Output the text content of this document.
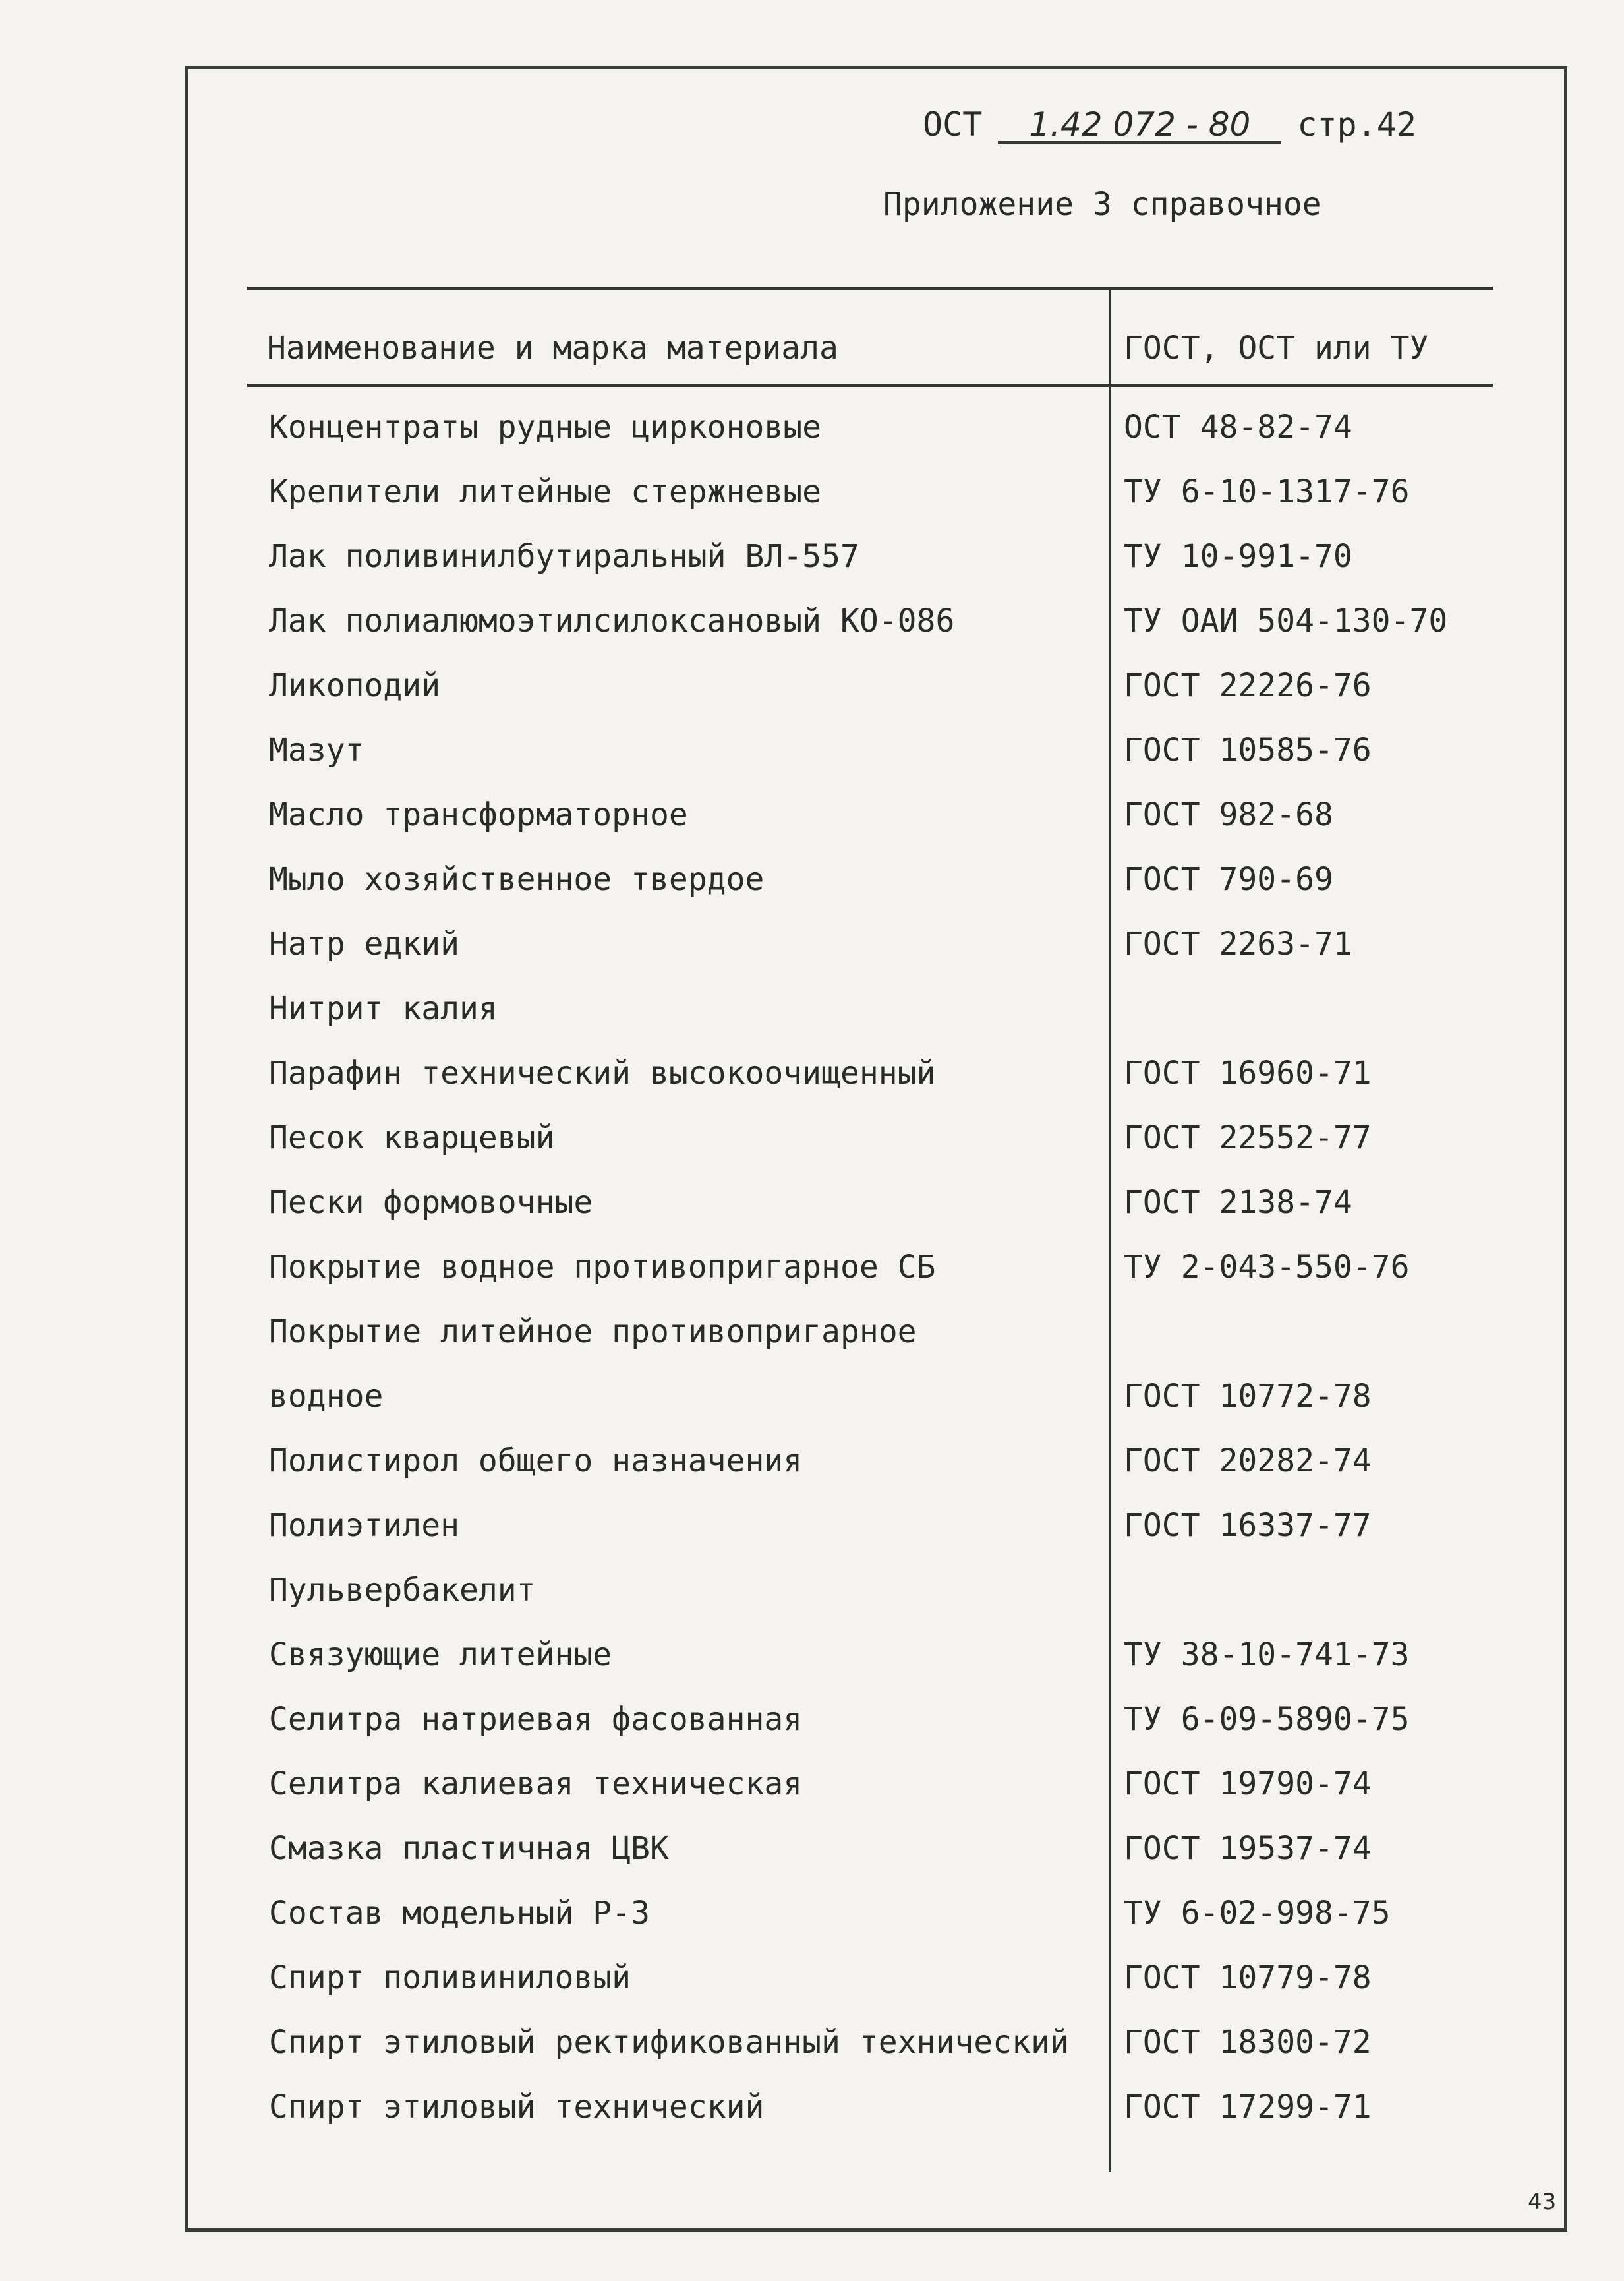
ОСТ 1.42 072 - 80 стр.42
Приложение 3 справочное
Наименование и марка материала	ГОСТ, ОСТ или ТУ
Концентраты рудные цирконовые	ОСТ 48-82-74
Крепители литейные стержневые	ТУ 6-10-1317-76
Лак поливинилбутиральный ВЛ-557	ТУ 10-991-70
Лак полиалюмоэтилсилоксановый КО-086	ТУ ОАИ 504-130-70
Ликоподий	ГОСТ 22226-76
Мазут	ГОСТ 10585-76
Масло трансформаторное	ГОСТ 982-68
Мыло хозяйственное твердое	ГОСТ 790-69
Натр едкий	ГОСТ 2263-71
Нитрит калия
Парафин технический высокоочищенный	ГОСТ 16960-71
Песок кварцевый	ГОСТ 22552-77
Пески формовочные	ГОСТ 2138-74
Покрытие водное противопригарное СБ	ТУ 2-043-550-76
Покрытие литейное противопригарное
водное	ГОСТ 10772-78
Полистирол общего назначения	ГОСТ 20282-74
Полиэтилен	ГОСТ 16337-77
Пульвербакелит
Связующие литейные	ТУ 38-10-741-73
Селитра натриевая фасованная	ТУ 6-09-5890-75
Селитра калиевая техническая	ГОСТ 19790-74
Смазка пластичная ЦВК	ГОСТ 19537-74
Состав модельный Р-3	ТУ 6-02-998-75
Спирт поливиниловый	ГОСТ 10779-78
Спирт этиловый ректификованный технический ГОСТ 18300-72
Спирт этиловый технический	ГОСТ 17299-71
43
